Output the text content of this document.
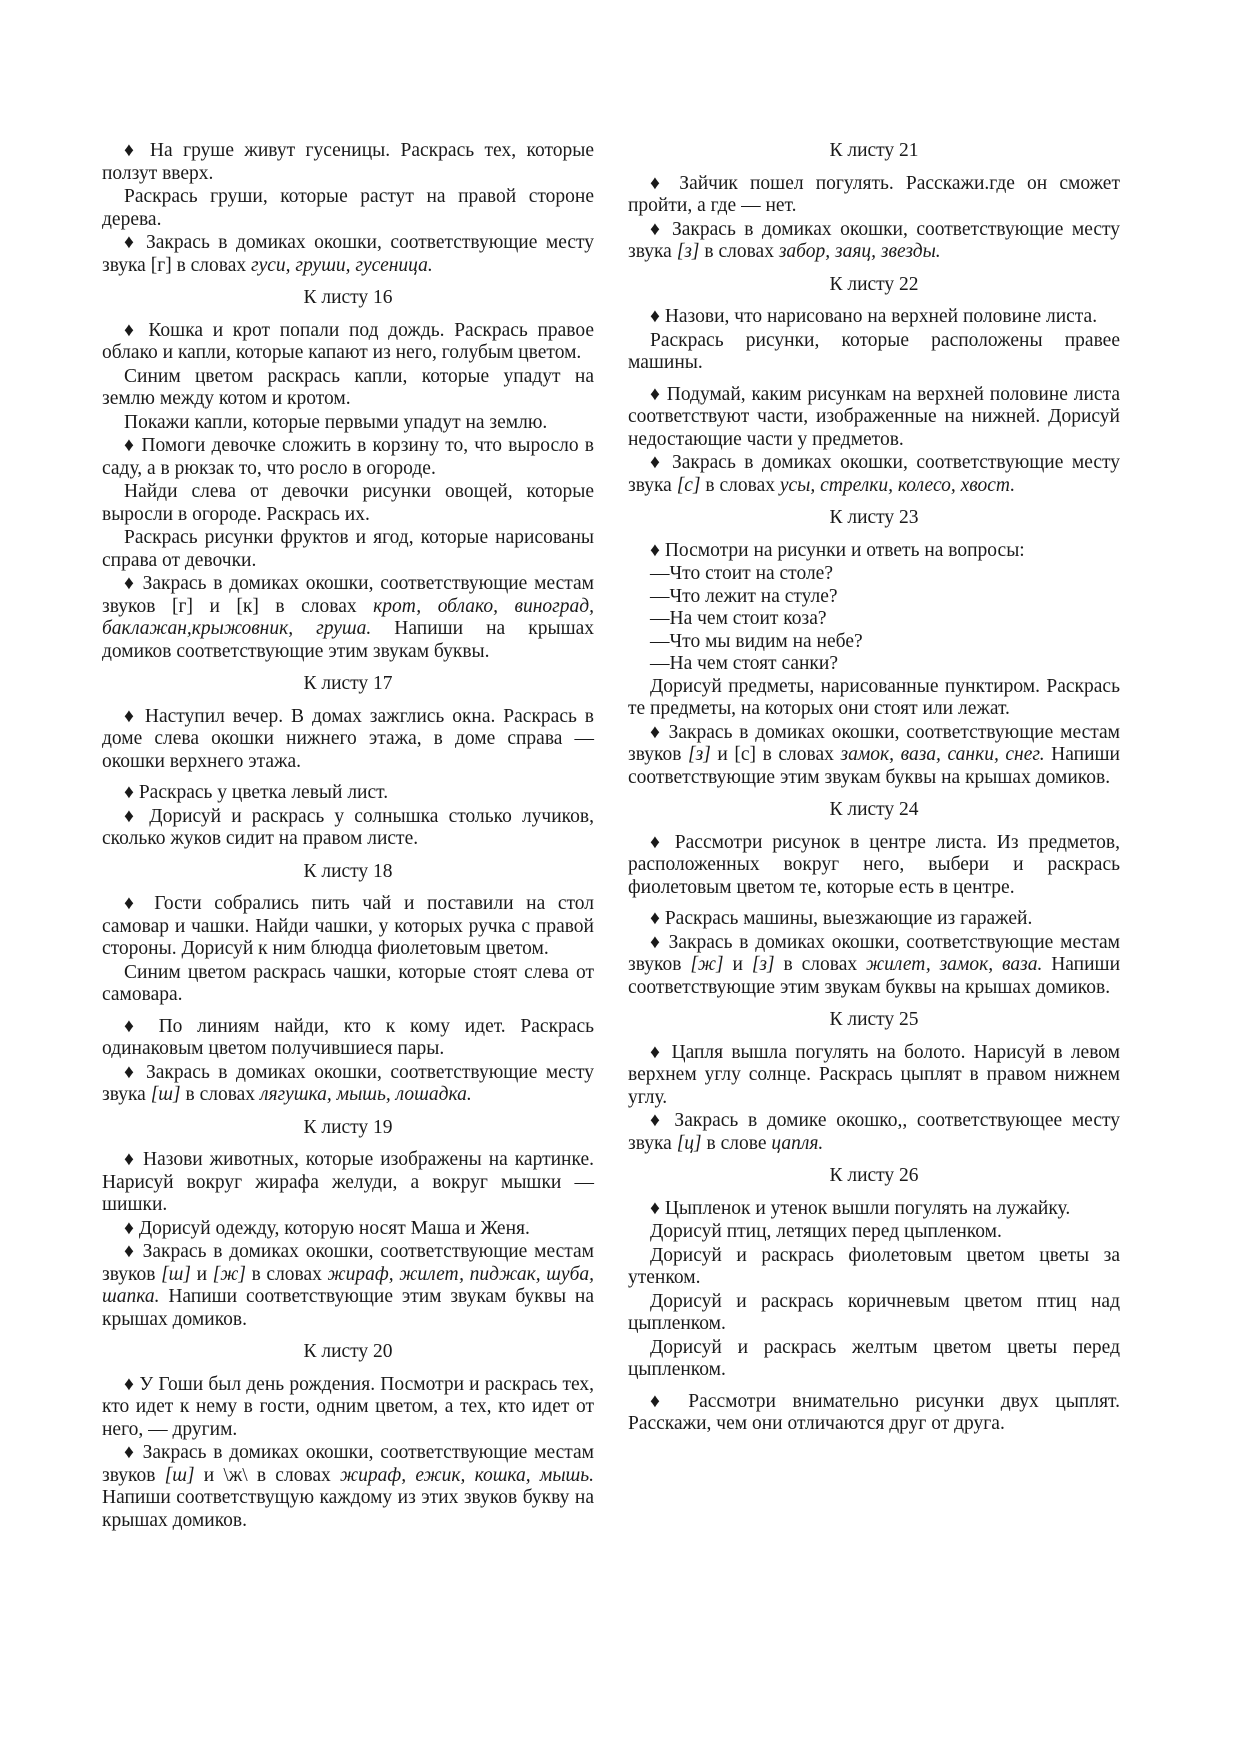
♦ На груше живут гусеницы. Раскрась тех, которые ползут вверх.

Раскрась груши, которые растут на правой стороне дерева.

♦ Закрась в домиках окошки, соответствующие месту звука [г] в словах гуси, груши, гусеница.

К листу 16

♦ Кошка и крот попали под дождь. Раскрась правое облако и капли, которые капают из него, голубым цветом.

Синим цветом раскрась капли, которые упадут на землю между котом и кротом.

Покажи капли, которые первыми упадут на землю.

♦ Помоги девочке сложить в корзину то, что выросло в саду, а в рюкзак то, что росло в огороде.

Найди слева от девочки рисунки овощей, которые выросли в огороде. Раскрась их.

Раскрась рисунки фруктов и ягод, которые нарисованы справа от девочки.

♦ Закрась в домиках окошки, соответствующие местам звуков [г] и [к] в словах крот, облако, виноград, баклажан,крыжовник, груша. Напиши на крышах домиков соответствующие этим звукам буквы.

К листу 17

♦ Наступил вечер. В домах зажглись окна. Раскрась в доме слева окошки нижнего этажа, в доме справа — окошки верхнего этажа.

♦ Раскрась у цветка левый лист.

♦ Дорисуй и раскрась у солнышка столько лучиков, сколько жуков сидит на правом листе.

К листу 18

♦ Гости собрались пить чай и поставили на стол самовар и чашки. Найди чашки, у которых ручка с правой стороны. Дорисуй к ним блюдца фиолетовым цветом.

Синим цветом раскрась чашки, которые стоят слева от самовара.

♦ По линиям найди, кто к кому идет. Раскрась одинаковым цветом получившиеся пары.

♦ Закрась в домиках окошки, соответствующие месту звука [ш] в словах лягушка, мышь, лошадка.

К листу 19

♦ Назови животных, которые изображены на картинке. Нарисуй вокруг жирафа желуди, а вокруг мышки — шишки.

♦ Дорисуй одежду, которую носят Маша и Женя.

♦ Закрась в домиках окошки, соответствующие местам звуков [ш] и [ж] в словах жираф, жилет, пиджак, шуба, шапка. Напиши соответствующие этим звукам буквы на крышах домиков.

К листу 20

♦ У Гоши был день рождения. Посмотри и раскрась тех, кто идет к нему в гости, одним цветом, а тех, кто идет от него, — другим.

♦ Закрась в домиках окошки, соответствующие местам звуков [ш] и \ж\ в словах жираф, ежик, кошка, мышь. Напиши соответствущую каждому из этих звуков букву на крышах домиков.

К листу 21

♦ Зайчик пошел погулять. Расскажи.где он сможет пройти, а где — нет.

♦ Закрась в домиках окошки, соответствующие месту звука [з] в словах забор, заяц, звезды.

К листу 22

♦ Назови, что нарисовано на верхней половине листа.

Раскрась рисунки, которые расположены правее машины.

♦ Подумай, каким рисункам на верхней половине листа соответствуют части, изображенные на нижней. Дорисуй недостающие части у предметов.

♦ Закрась в домиках окошки, соответствующие месту звука [с] в словах усы, стрелки, колесо, хвост.

К листу 23

♦ Посмотри на рисунки и ответь на вопросы:

— Что стоит на столе?

— Что лежит на стуле?

— На чем стоит коза?

— Что мы видим на небе?

— На чем стоят санки?

Дорисуй предметы, нарисованные пунктиром. Раскрась те предметы, на которых они стоят или лежат.

♦ Закрась в домиках окошки, соответствующие местам звуков [з] и [с] в словах замок, ваза, санки, снег. Напиши соответствующие этим звукам буквы на крышах домиков.

К листу 24

♦ Рассмотри рисунок в центре листа. Из предметов, расположенных вокруг него, выбери и раскрась фиолетовым цветом те, которые есть в центре.

♦ Раскрась машины, выезжающие из гаражей.

♦ Закрась в домиках окошки, соответствующие местам звуков [ж] и [з] в словах жилет, замок, ваза. Напиши соответствующие этим звукам буквы на крышах домиков.

К листу 25

♦ Цапля вышла погулять на болото. Нарисуй в левом верхнем углу солнце. Раскрась цыплят в правом нижнем углу.

♦ Закрась в домике окошко,, соответствующее месту звука [ц] в слове цапля.

К листу 26

♦ Цыпленок и утенок вышли погулять на лужайку.

Дорисуй птиц, летящих перед цыпленком.

Дорисуй и раскрась фиолетовым цветом цветы за утенком.

Дорисуй и раскрась коричневым цветом птиц над цыпленком.

Дорисуй и раскрась желтым цветом цветы перед цыпленком.

♦ Рассмотри внимательно рисунки двух цыплят. Расскажи, чем они отличаются друг от друга.
